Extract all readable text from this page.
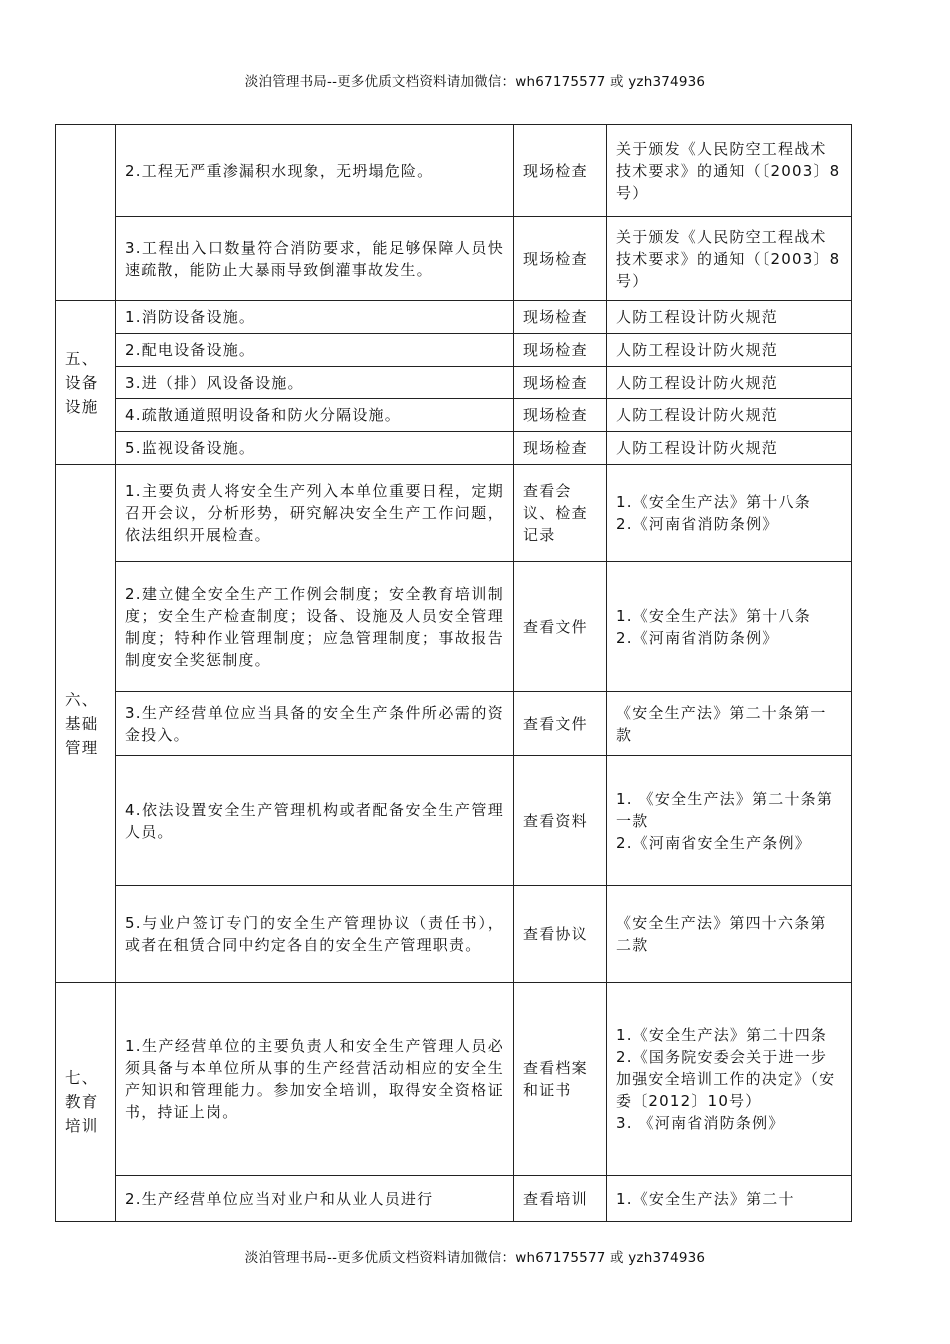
淡泊管理书局--更多优质文档资料请加微信：wh67175577 或 yzh374936
	2.工程无严重渗漏积水现象，无坍塌危险。	现场检查	关于颁发《人民防空工程战术技术要求》的通知（〔2003〕8号）

	3.工程出入口数量符合消防要求，能足够保障人员快速疏散，能防止大暴雨导致倒灌事故发生。	现场检查	关于颁发《人民防空工程战术技术要求》的通知（〔2003〕8号）

五、设备设施	1.消防设备设施。	现场检查	人防工程设计防火规范

	2.配电设备设施。	现场检查	人防工程设计防火规范

	3.进（排）风设备设施。	现场检查	人防工程设计防火规范

	4.疏散通道照明设备和防火分隔设施。	现场检查	人防工程设计防火规范

	5.监视设备设施。	现场检查	人防工程设计防火规范

六、基础管理	1.主要负责人将安全生产列入本单位重要日程，定期召开会议，分析形势，研究解决安全生产工作问题，依法组织开展检查。	查看会议、检查记录	1.《安全生产法》第十八条
2.《河南省消防条例》

	2.建立健全安全生产工作例会制度；安全教育培训制度；安全生产检查制度；设备、设施及人员安全管理制度；特种作业管理制度；应急管理制度；事故报告制度安全奖惩制度。	查看文件	1.《安全生产法》第十八条
2.《河南省消防条例》

	3.生产经营单位应当具备的安全生产条件所必需的资金投入。	查看文件	《安全生产法》第二十条第一款

	4.依法设置安全生产管理机构或者配备安全生产管理人员。	查看资料	1. 《安全生产法》第二十条第一款
2.《河南省安全生产条例》

	5.与业户签订专门的安全生产管理协议（责任书），或者在租赁合同中约定各自的安全生产管理职责。	查看协议	《安全生产法》第四十六条第二款

七、教育培训	1.生产经营单位的主要负责人和安全生产管理人员必须具备与本单位所从事的生产经营活动相应的安全生产知识和管理能力。参加安全培训，取得安全资格证书，持证上岗。	查看档案和证书	1.《安全生产法》第二十四条
2.《国务院安委会关于进一步加强安全培训工作的决定》（安委〔2012〕10号）
3. 《河南省消防条例》

	2.生产经营单位应当对业户和从业人员进行	查看培训	1.《安全生产法》第二十
淡泊管理书局--更多优质文档资料请加微信：wh67175577 或 yzh374936
